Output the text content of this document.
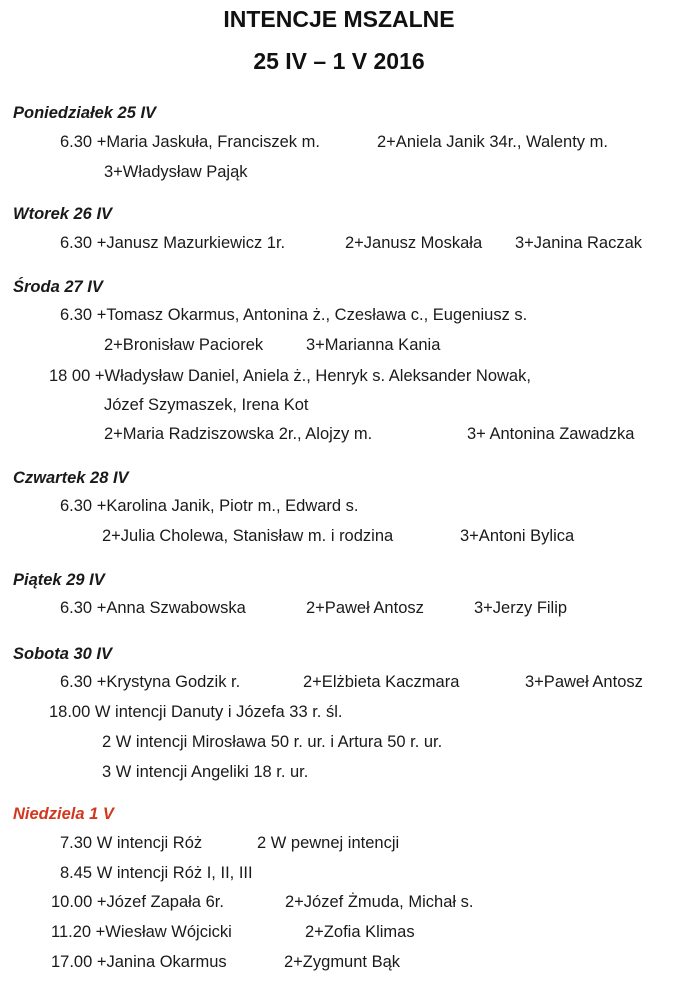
INTENCJE MSZALNE
25 IV – 1 V 2016
Poniedziałek 25 IV
6.30 +Maria Jaskuła, Franciszek m.	2+Aniela Janik 34r., Walenty m.
3+Władysław Pająk
Wtorek 26 IV
6.30 +Janusz Mazurkiewicz 1r.	2+Janusz Moskała 3+Janina Raczak
Środa 27 IV
6.30 +Tomasz Okarmus, Antonina ż., Czesława c., Eugeniusz s.
2+Bronisław Paciorek	3+Marianna Kania
18 00 +Władysław Daniel, Aniela ż., Henryk s. Aleksander Nowak,
Józef Szymaszek, Irena Kot
2+Maria Radziszowska 2r., Alojzy m.	3+ Antonina Zawadzka
Czwartek 28 IV
6.30 +Karolina Janik, Piotr m., Edward s.
2+Julia Cholewa, Stanisław m. i rodzina	3+Antoni Bylica
Piątek 29 IV
6.30 +Anna Szwabowska	2+Paweł Antosz	3+Jerzy Filip
Sobota 30 IV
6.30 +Krystyna Godzik r.	2+Elżbieta Kaczmara	3+Paweł Antosz
18.00 W intencji Danuty i Józefa 33 r. śl.
2 W intencji Mirosława 50 r. ur. i Artura 50 r. ur.
3 W intencji Angeliki 18 r. ur.
Niedziela 1 V
7.30 W intencji Róż	2 W pewnej intencji
8.45 W intencji Róż I, II, III
10.00 +Józef Zapała 6r.	2+Józef Żmuda, Michał s.
11.20 +Wiesław Wójcicki	2+Zofia Klimas
17.00 +Janina Okarmus	2+Zygmunt Bąk
